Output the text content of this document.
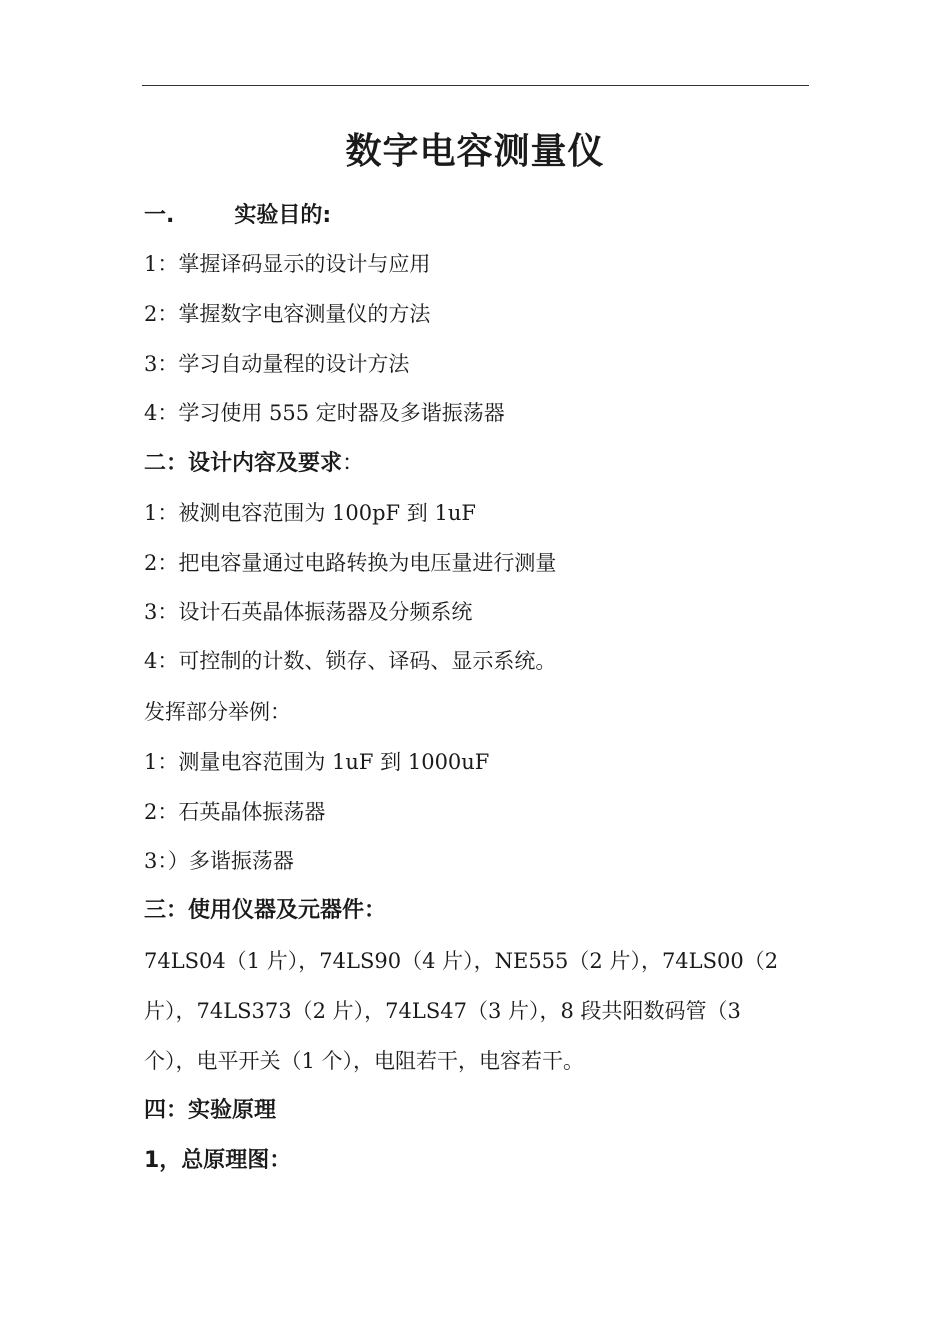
数字电容测量仪
一.	实验目的:
1：掌握译码显示的设计与应用
2：掌握数字电容测量仪的方法
3：学习自动量程的设计方法
4：学习使用 555 定时器及多谐振荡器
二：设计内容及要求：
1：被测电容范围为 100pF 到 1uF
2：把电容量通过电路转换为电压量进行测量
3：设计石英晶体振荡器及分频系统
4：可控制的计数、锁存、译码、显示系统。
发挥部分举例：
1：测量电容范围为 1uF 到 1000uF
2：石英晶体振荡器
3：）多谐振荡器
三：使用仪器及元器件：
74LS04（1 片），74LS90（4 片），NE555（2 片），74LS00（2
片），74LS373（2 片），74LS47（3 片），8 段共阳数码管（3
个），电平开关（1 个），电阻若干，电容若干。
四：实验原理
1，总原理图：
